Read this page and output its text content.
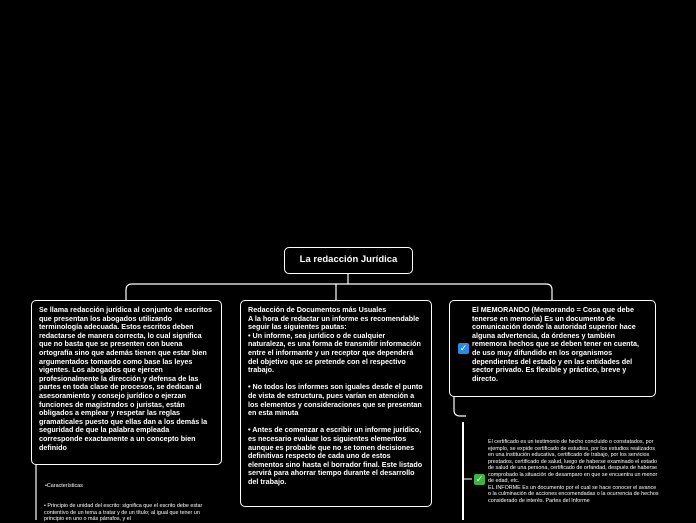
La redacción Jurídica
Se llama redacción jurídica al conjunto de escritos que presentan los abogados utilizando terminología adecuada. Estos escritos deben redactarse de manera correcta, lo cual significa que no basta que se presenten con buena ortografía sino que además tienen que estar bien argumentados tomando como base las leyes vigentes. Los abogados que ejercen profesionalmente la dirección y defensa de las partes en toda clase de procesos, se dedican al asesoramiento y consejo jurídico o ejerzan funciones de magistrados o juristas, están obligados a emplear y respetar las reglas gramaticales puesto que ellas dan a los demás la seguridad de que la palabra empleada corresponde exactamente a un concepto bien definido
Redacción de Documentos más Usuales
A la hora de redactar un informe es recomendable seguir las siguientes pautas:
• Un informe, sea jurídico o de cualquier naturaleza, es una forma de transmitir información entre el informante y un receptor que dependerá del objetivo que se pretende con el respectivo trabajo.

• No todos los informes son iguales desde el punto de vista de estructura, pues varían en atención a los elementos y consideraciones que se presentan en esta minuta

• Antes de comenzar a escribir un informe jurídico, es necesario evaluar los siguientes elementos aunque es probable que no se tomen decisiones definitivas respecto de cada uno de estos elementos sino hasta el borrador final. Este listado servirá para ahorrar tiempo durante el desarrollo del trabajo.
El MEMORANDO (Memorando = Cosa que debe tenerse en memoria) Es un documento de comunicación donde la autoridad superior hace alguna advertencia, da órdenes y también rememora hechos que se deben tener en cuenta, de uso muy difundido en los organismos dependientes del estado y en las entidades del sector privado. Es flexible y práctico, breve y directo.
✓
✓
•Características
• Principio de unidad del escrito: significa que el escrito debe estar contentivo de un tema a tratar y de un título; al igual que tener un principio en uno o más párrafos, y el
El certificado es un testimonio de hecho concluido o constatados, por ejemplo, se expide certificado de estudios, por los estudios realizados en una institución educativa, certificado de trabajo, por los servicios prestados, certificado de salud, luego de haberse examinado el estado de salud de una persona, certificado de orfandad, después de haberse comprobado la situación de desamparo en que se encuentra un menor de edad, etc.
EL INFORME Es un documento por el cual se hace conocer el avance o la culminación de acciones encomendadas o la ocurrencia de hechos considerado de interés. Partes del Informe
